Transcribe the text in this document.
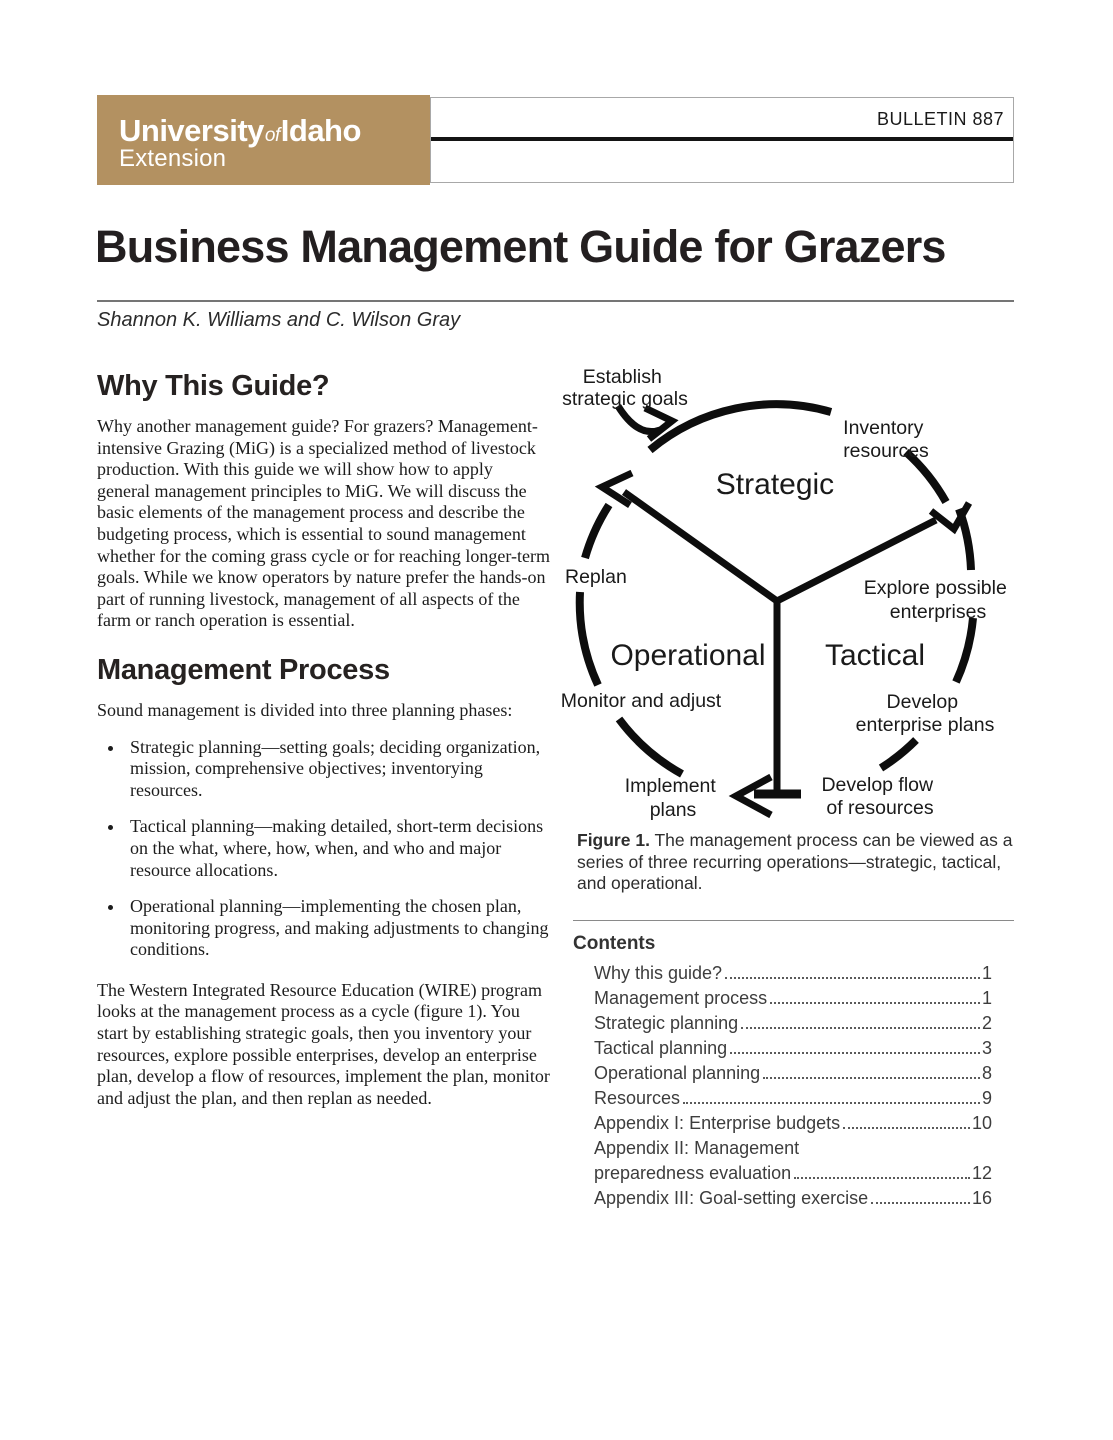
UniversityofIdaho
Extension
BULLETIN 887
Business Management Guide for Grazers
Shannon K. Williams and C. Wilson Gray
Why This Guide?

Why another management guide? For grazers? Management-intensive Grazing (MiG) is a specialized method of livestock production. With this guide we will show how to apply general management principles to MiG. We will discuss the basic elements of the management process and describe the budgeting process, which is essential to sound management whether for the coming grass cycle or for reaching longer-term goals. While we know operators by nature prefer the hands-on part of running livestock, management of all aspects of the farm or ranch operation is essential.

Management Process

Sound management is divided into three planning phases:

• Strategic planning—setting goals; deciding organization, mission, comprehensive objectives; inventorying resources.
• Tactical planning—making detailed, short-term decisions on the what, where, how, when, and who and major resource allocations.
• Operational planning—implementing the chosen plan, monitoring progress, and making adjustments to changing conditions.

The Western Integrated Resource Education (WIRE) program looks at the management process as a cycle (figure 1). You start by establishing strategic goals, then you inventory your resources, explore possible enterprises, develop an enterprise plan, develop a flow of resources, implement the plan, monitor and adjust the plan, and then replan as needed.

Strategic
Operational Tactical
Establish strategic goals
Inventory resources
Replan	Explore possible enterprises
Monitor and adjust	Develop enterprise plans
Implement plans
Develop flow of resources

Figure 1. The management process can be viewed as a series of three recurring operations—strategic, tactical, and operational.

Contents
Why this guide?	1
Management process	1
Strategic planning	2
Tactical planning	3
Operational planning	8
Resources	9
Appendix I: Enterprise budgets	10
Appendix II: Management
preparedness evaluation	12
Appendix III: Goal-setting exercise	16
